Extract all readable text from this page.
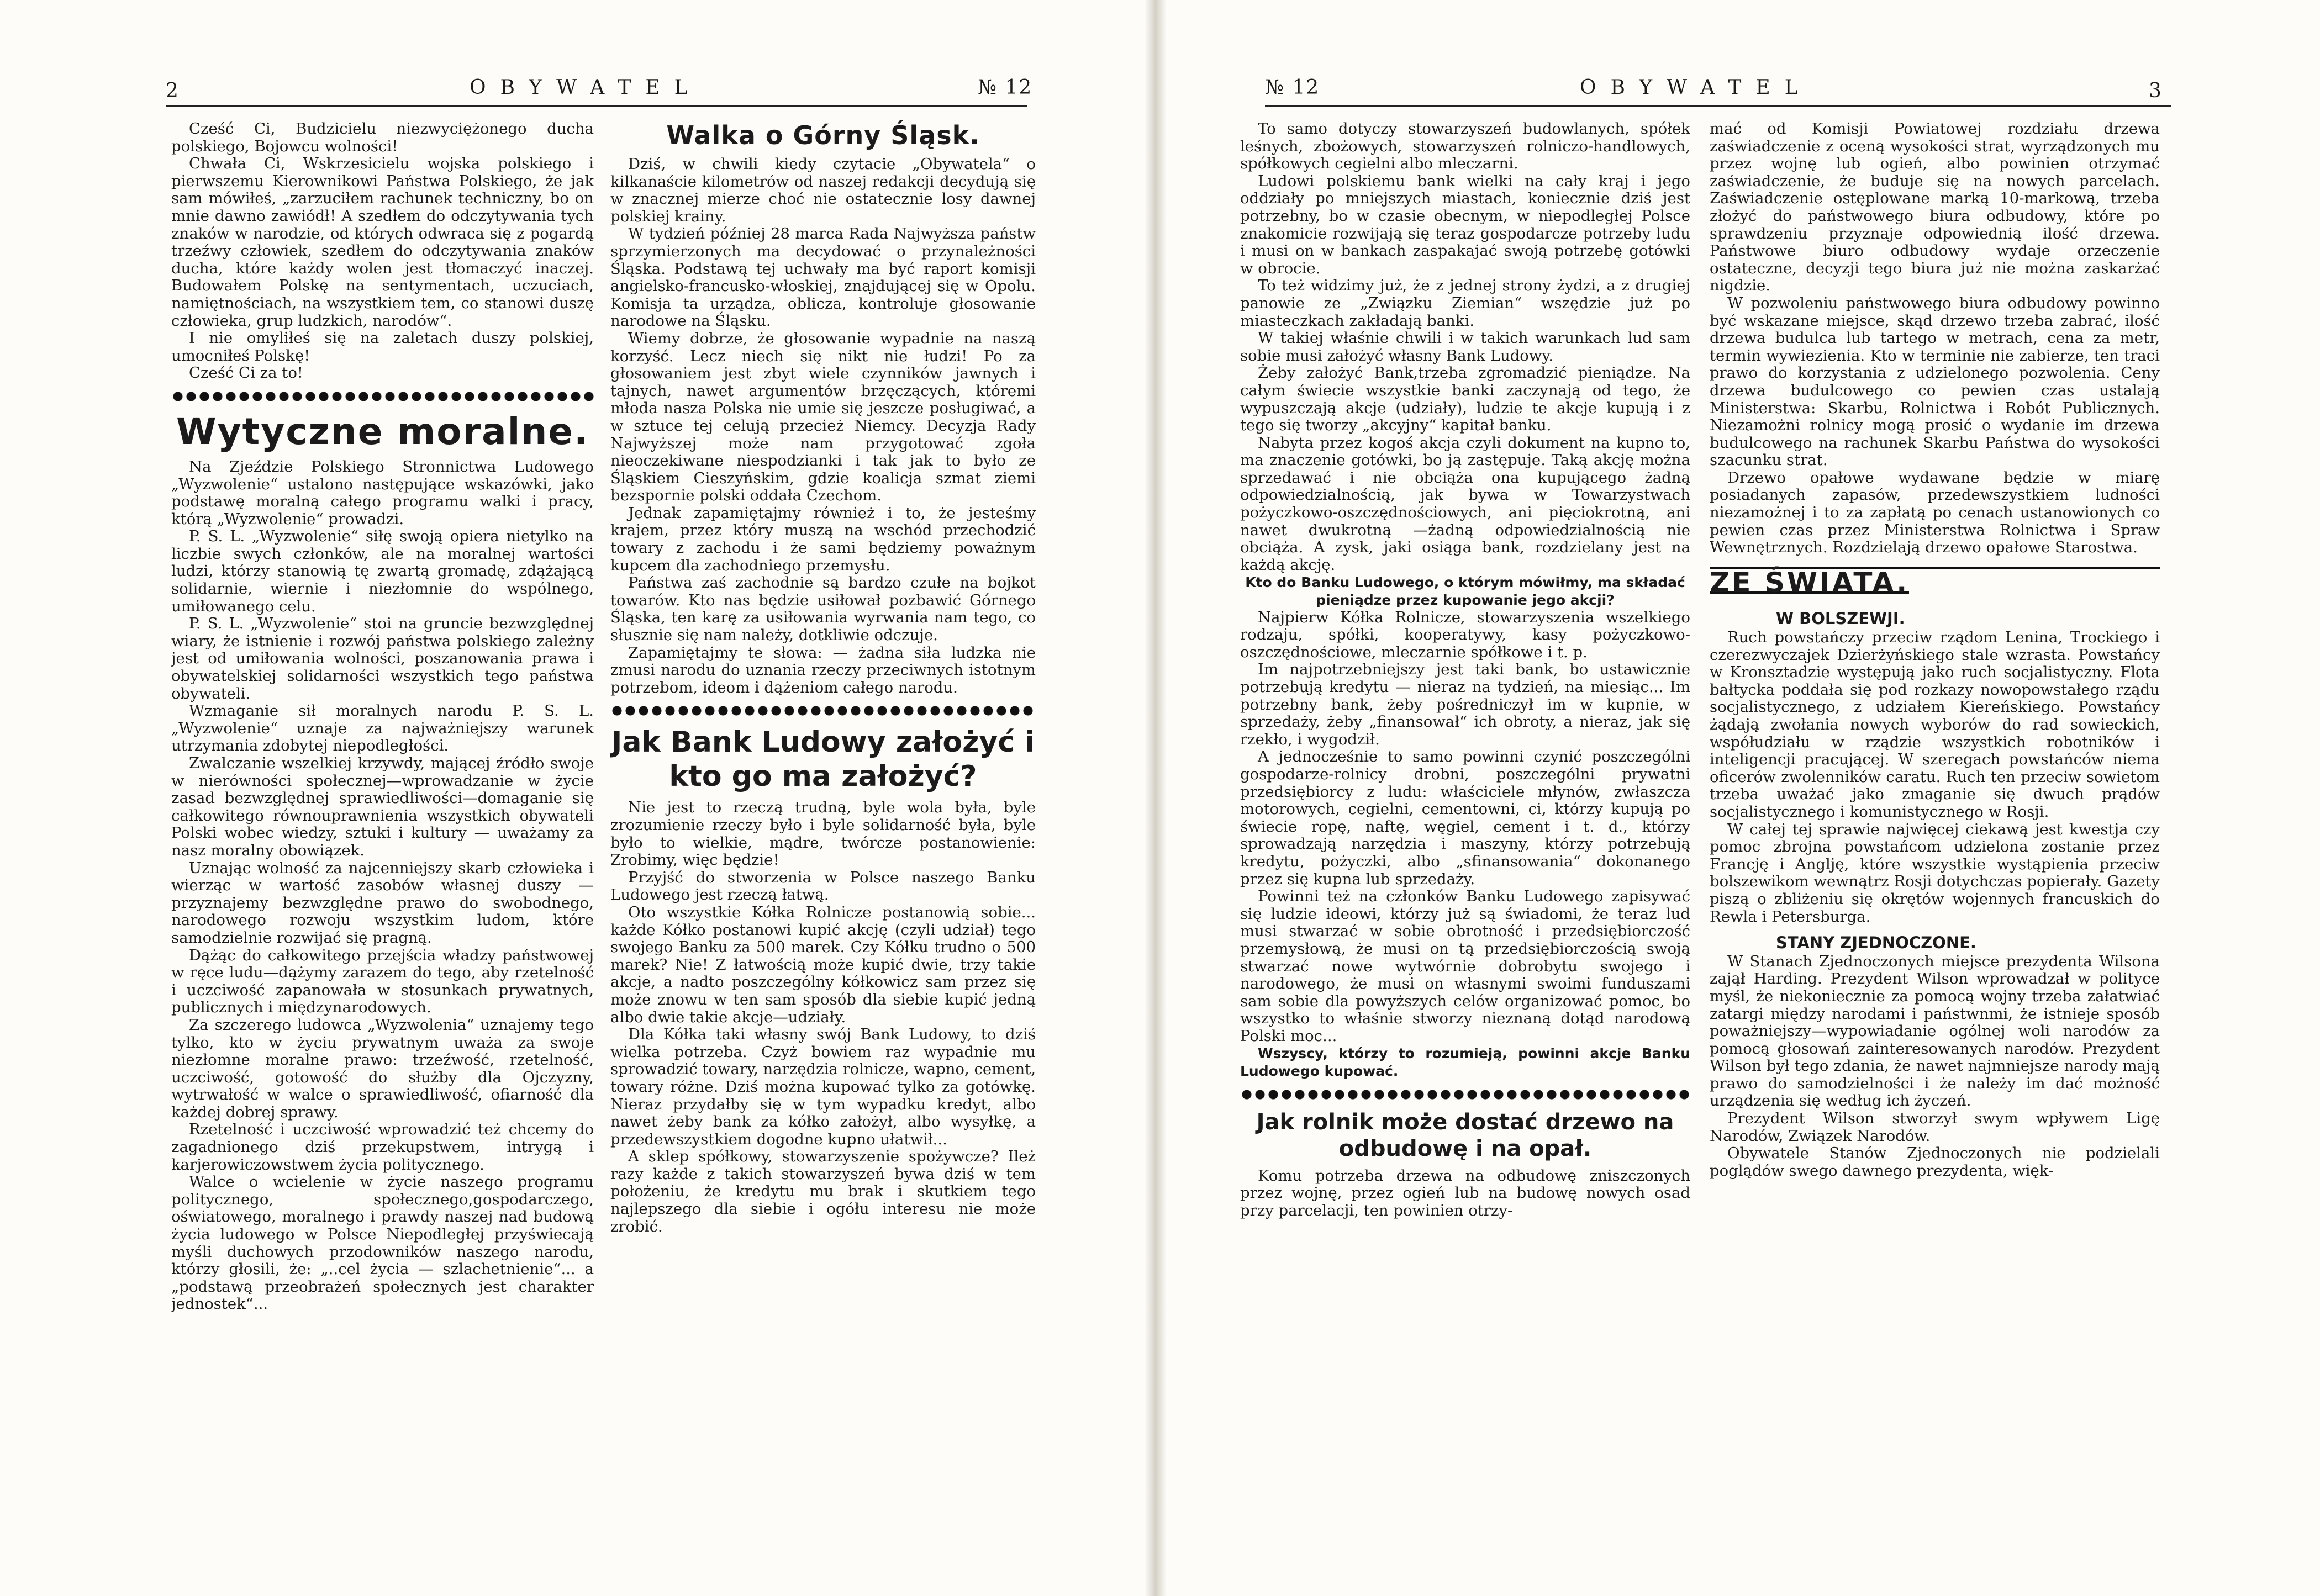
2	OBYWATEL	№ 12	№ 12	OBYWATEL	3

Cześć Ci, Budzicielu niezwyciężonego ducha polskiego, Bojowcu wolności!

Chwała Ci, Wskrzesicielu wojska polskiego i pierwszemu Kierownikowi Państwa Polskiego, że jak sam mówiłeś, „zarzuciłem rachunek techniczny, bo on mnie dawno zawiódł! A szedłem do odczytywania tych znaków w narodzie, od których odwraca się z pogardą trzeźwy człowiek, szedłem do odczytywania znaków ducha, które każdy wolen jest tłomaczyć inaczej. Budowałem Polskę na sentymentach, uczuciach, namiętnościach, na wszystkiem tem, co stanowi duszę człowieka, grup ludzkich, narodów“.

I nie omyliłeś się na zaletach duszy polskiej, umocniłeś Polskę!

Cześć Ci za to!

Wytyczne moralne.

Na Zjeździe Polskiego Stronnictwa Ludowego „Wyzwolenie“ ustalono następujące wskazówki, jako podstawę moralną całego programu walki i pracy, którą „Wyzwolenie“ prowadzi.

P. S. L. „Wyzwolenie“ siłę swoją opiera nietylko na liczbie swych członków, ale na moralnej wartości ludzi, którzy stanowią tę zwartą gromadę, zdążającą solidarnie, wiernie i niezłomnie do wspólnego, umiłowanego celu.

P. S. L. „Wyzwolenie“ stoi na gruncie bezwzględnej wiary, że istnienie i rozwój państwa polskiego zależny jest od umiłowania wolności, poszanowania prawa i obywatelskiej solidarności wszystkich tego państwa obywateli.

Wzmaganie sił moralnych narodu P. S. L. „Wyzwolenie“ uznaje za najważniejszy warunek utrzymania zdobytej niepodległości.

Zwalczanie wszelkiej krzywdy, mającej źródło swoje w nierówności społecznej—wprowadzanie w życie zasad bezwzględnej sprawiedliwości—domaganie się całkowitego równouprawnienia wszystkich obywateli Polski wobec wiedzy, sztuki i kultury — uważamy za nasz moralny obowiązek.

Uznając wolność za najcenniejszy skarb człowieka i wierząc w wartość zasobów własnej duszy — przyznajemy bezwzględne prawo do swobodnego, narodowego rozwoju wszystkim ludom, które samodzielnie rozwijać się pragną.

Dążąc do całkowitego przejścia władzy państwowej w ręce ludu—dążymy zarazem do tego, aby rzetelność i uczciwość zapanowała w stosunkach prywatnych, publicznych i międzynarodowych.

Za szczerego ludowca „Wyzwolenia“ uznajemy tego tylko, kto w życiu prywatnym uważa za swoje niezłomne moralne prawo: trzeźwość, rzetelność, uczciwość, gotowość do służby dla Ojczyzny, wytrwałość w walce o sprawiedliwość, ofiarność dla każdej dobrej sprawy.

Rzetelność i uczciwość wprowadzić też chcemy do zagadnionego dziś przekupstwem, intrygą i karjerowiczowstwem życia politycznego.

Walce o wcielenie w życie naszego programu politycznego, społecznego,gospodarczego, oświatowego, moralnego i prawdy naszej nad budową życia ludowego w Polsce Niepodległej przyświecają myśli duchowych przodowników naszego narodu, którzy głosili, że: „..cel życia — szlachetnienie“... a „podstawą przeobrażeń społecznych jest charakter jednostek“...

Walka o Górny Śląsk.

Dziś, w chwili kiedy czytacie „Obywatela“ o kilkanaście kilometrów od naszej redakcji decydują się w znacznej mierze choć nie ostatecznie losy dawnej polskiej krainy.

W tydzień później 28 marca Rada Najwyższa państw sprzymierzonych ma decydować o przynależności Śląska. Podstawą tej uchwały ma być raport komisji angielsko-francusko-włoskiej, znajdującej się w Opolu. Komisja ta urządza, oblicza, kontroluje głosowanie narodowe na Śląsku.

Wiemy dobrze, że głosowanie wypadnie na naszą korzyść. Lecz niech się nikt nie łudzi! Po za głosowaniem jest zbyt wiele czynników jawnych i tajnych, nawet argumentów brzęczących, któremi młoda nasza Polska nie umie się jeszcze posługiwać, a w sztuce tej celują przecież Niemcy. Decyzja Rady Najwyższej może nam przygotować zgoła nieoczekiwane niespodzianki i tak jak to było ze Śląskiem Cieszyńskim, gdzie koalicja szmat ziemi bezspornie polski oddała Czechom.

Jednak zapamiętajmy również i to, że jesteśmy krajem, przez który muszą na wschód przechodzić towary z zachodu i że sami będziemy poważnym kupcem dla zachodniego przemysłu.

Państwa zaś zachodnie są bardzo czułe na bojkot towarów. Kto nas będzie usiłował pozbawić Górnego Śląska, ten karę za usiłowania wyrwania nam tego, co słusznie się nam należy, dotkliwie odczuje.

Zapamiętajmy te słowa: — żadna siła ludzka nie zmusi narodu do uznania rzeczy przeciwnych istotnym potrzebom, ideom i dążeniom całego narodu.

Jak Bank Ludowy założyć i kto go ma założyć?

Nie jest to rzeczą trudną, byle wola była, byle zrozumienie rzeczy było i byle solidarność była, byle było to wielkie, mądre, twórcze postanowienie: Zrobimy, więc będzie!

Przyjść do stworzenia w Polsce naszego Banku Ludowego jest rzeczą łatwą.

Oto wszystkie Kółka Rolnicze postanowią sobie... każde Kółko postanowi kupić akcję (czyli udział) tego swojego Banku za 500 marek. Czy Kółku trudno o 500 marek? Nie! Z łatwością może kupić dwie, trzy takie akcje, a nadto poszczególny kółkowicz sam przez się może znowu w ten sam sposób dla siebie kupić jedną albo dwie takie akcje—udziały.

Dla Kółka taki własny swój Bank Ludowy, to dziś wielka potrzeba. Czyż bowiem raz wypadnie mu sprowadzić towary, narzędzia rolnicze, wapno, cement, towary różne. Dziś można kupować tylko za gotówkę. Nieraz przydałby się w tym wypadku kredyt, albo nawet żeby bank za kółko założył, albo wysyłkę, a przedewszystkiem dogodne kupno ułatwił...

A sklep spółkowy, stowarzyszenie spożywcze? Ileż razy każde z takich stowarzyszeń bywa dziś w tem położeniu, że kredytu mu brak i skutkiem tego najlepszego dla siebie i ogółu interesu nie może zrobić.

To samo dotyczy stowarzyszeń budowlanych, spółek leśnych, zbożowych, stowarzyszeń rolniczo-handlowych, spółkowych cegielni albo mleczarni.

Ludowi polskiemu bank wielki na cały kraj i jego oddziały po mniejszych miastach, koniecznie dziś jest potrzebny, bo w czasie obecnym, w niepodległej Polsce znakomicie rozwijają się teraz gospodarcze potrzeby ludu i musi on w bankach zaspakajać swoją potrzebę gotówki w obrocie.

To też widzimy już, że z jednej strony żydzi, a z drugiej panowie ze „Związku Ziemian“ wszędzie już po miasteczkach zakładają banki.

W takiej właśnie chwili i w takich warunkach lud sam sobie musi założyć własny Bank Ludowy.

Żeby założyć Bank,trzeba zgromadzić pieniądze. Na całym świecie wszystkie banki zaczynają od tego, że wypuszczają akcje (udziały), ludzie te akcje kupują i z tego się tworzy „akcyjny“ kapitał banku.

Nabyta przez kogoś akcja czyli dokument na kupno to, ma znaczenie gotówki, bo ją zastępuje. Taką akcję można sprzedawać i nie obciąża ona kupującego żadną odpowiedzialnością, jak bywa w Towarzystwach pożyczkowo-oszczędnościowych, ani pięciokrotną, ani nawet dwukrotną —żadną odpowiedzialnością nie obciąża. A zysk, jaki osiąga bank, rozdzielany jest na każdą akcję.

Kto do Banku Ludowego, o którym mówiłmy, ma składać pieniądze przez kupowanie jego akcji?

Najpierw Kółka Rolnicze, stowarzyszenia wszelkiego rodzaju, spółki, kooperatywy, kasy pożyczkowo-oszczędnościowe, mleczarnie spółkowe i t. p.

Im najpotrzebniejszy jest taki bank, bo ustawicznie potrzebują kredytu — nieraz na tydzień, na miesiąc... Im potrzebny bank, żeby pośredniczył im w kupnie, w sprzedaży, żeby „finansował“ ich obroty, a nieraz, jak się rzekło, i wygodził.

A jednocześnie to samo powinni czynić poszczególni gospodarze-rolnicy drobni, poszczególni prywatni przedsiębiorcy z ludu: właściciele młynów, zwłaszcza motorowych, cegielni, cementowni, ci, którzy kupują po świecie ropę, naftę, węgiel, cement i t. d., którzy sprowadzają narzędzia i maszyny, którzy potrzebują kredytu, pożyczki, albo „sfinansowania“ dokonanego przez się kupna lub sprzedaży.

Powinni też na członków Banku Ludowego zapisywać się ludzie ideowi, którzy już są świadomi, że teraz lud musi stwarzać w sobie obrotność i przedsiębiorczość przemysłową, że musi on tą przedsiębiorczością swoją stwarzać nowe wytwórnie dobrobytu swojego i narodowego, że musi on własnymi swoimi funduszami sam sobie dla powyższych celów organizować pomoc, bo wszystko to właśnie stworzy nieznaną dotąd narodową Polski moc...

Wszyscy, którzy to rozumieją, powinni akcje Banku Ludowego kupować.

Jak rolnik może dostać drzewo na odbudowę i na opał.

Komu potrzeba drzewa na odbudowę zniszczonych przez wojnę, przez ogień lub na budowę nowych osad przy parcelacji, ten powinien otrzy-

mać od Komisji Powiatowej rozdziału drzewa zaświadczenie z oceną wysokości strat, wyrządzonych mu przez wojnę lub ogień, albo powinien otrzymać zaświadczenie, że buduje się na nowych parcelach. Zaświadczenie ostęplowane marką 10-markową, trzeba złożyć do państwowego biura odbudowy, które po sprawdzeniu przyznaje odpowiednią ilość drzewa. Państwowe biuro odbudowy wydaje orzeczenie ostateczne, decyzji tego biura już nie można zaskarżać nigdzie.

W pozwoleniu państwowego biura odbudowy powinno być wskazane miejsce, skąd drzewo trzeba zabrać, ilość drzewa budulca lub tartego w metrach, cena za metr, termin wywiezienia. Kto w terminie nie zabierze, ten traci prawo do korzystania z udzielonego pozwolenia. Ceny drzewa budulcowego co pewien czas ustalają Ministerstwa: Skarbu, Rolnictwa i Robót Publicznych. Niezamożni rolnicy mogą prosić o wydanie im drzewa budulcowego na rachunek Skarbu Państwa do wysokości szacunku strat.

Drzewo opałowe wydawane będzie w miarę posiadanych zapasów, przedewszystkiem ludności niezamożnej i to za zapłatą po cenach ustanowionych co pewien czas przez Ministerstwa Rolnictwa i Spraw Wewnętrznych. Rozdzielają drzewo opałowe Starostwa.

ZE ŚWIATA.
W BOLSZEWJI.

Ruch powstańczy przeciw rządom Lenina, Trockiego i czerezwyczajek Dzierżyńskiego stale wzrasta. Powstańcy w Kronsztadzie występują jako ruch socjalistyczny. Flota bałtycka poddała się pod rozkazy nowopowstałego rządu socjalistycznego, z udziałem Kiereńskiego. Powstańcy żądają zwołania nowych wyborów do rad sowieckich, współudziału w rządzie wszystkich robotników i inteligencji pracującej. W szeregach powstańców niema oficerów zwolenników caratu. Ruch ten przeciw sowietom trzeba uważać jako zmaganie się dwuch prądów socjalistycznego i komunistycznego w Rosji.

W całej tej sprawie najwięcej ciekawą jest kwestja czy pomoc zbrojna powstańcom udzielona zostanie przez Francję i Anglję, które wszystkie wystąpienia przeciw bolszewikom wewnątrz Rosji dotychczas popierały. Gazety piszą o zbliżeniu się okrętów wojennych francuskich do Rewla i Petersburga.

STANY ZJEDNOCZONE.

W Stanach Zjednoczonych miejsce prezydenta Wilsona zajął Harding. Prezydent Wilson wprowadzał w polityce myśl, że niekoniecznie za pomocą wojny trzeba załatwiać zatargi między narodami i państwnmi, że istnieje sposób poważniejszy—wypowiadanie ogólnej woli narodów za pomocą głosowań zainteresowanych narodów. Prezydent Wilson był tego zdania, że nawet najmniejsze narody mają prawo do samodzielności i że należy im dać możność urządzenia się według ich życzeń.

Prezydent Wilson stworzył swym wpływem Ligę Narodów, Związek Narodów.

Obywatele Stanów Zjednoczonych nie podzielali poglądów swego dawnego prezydenta, więk-
